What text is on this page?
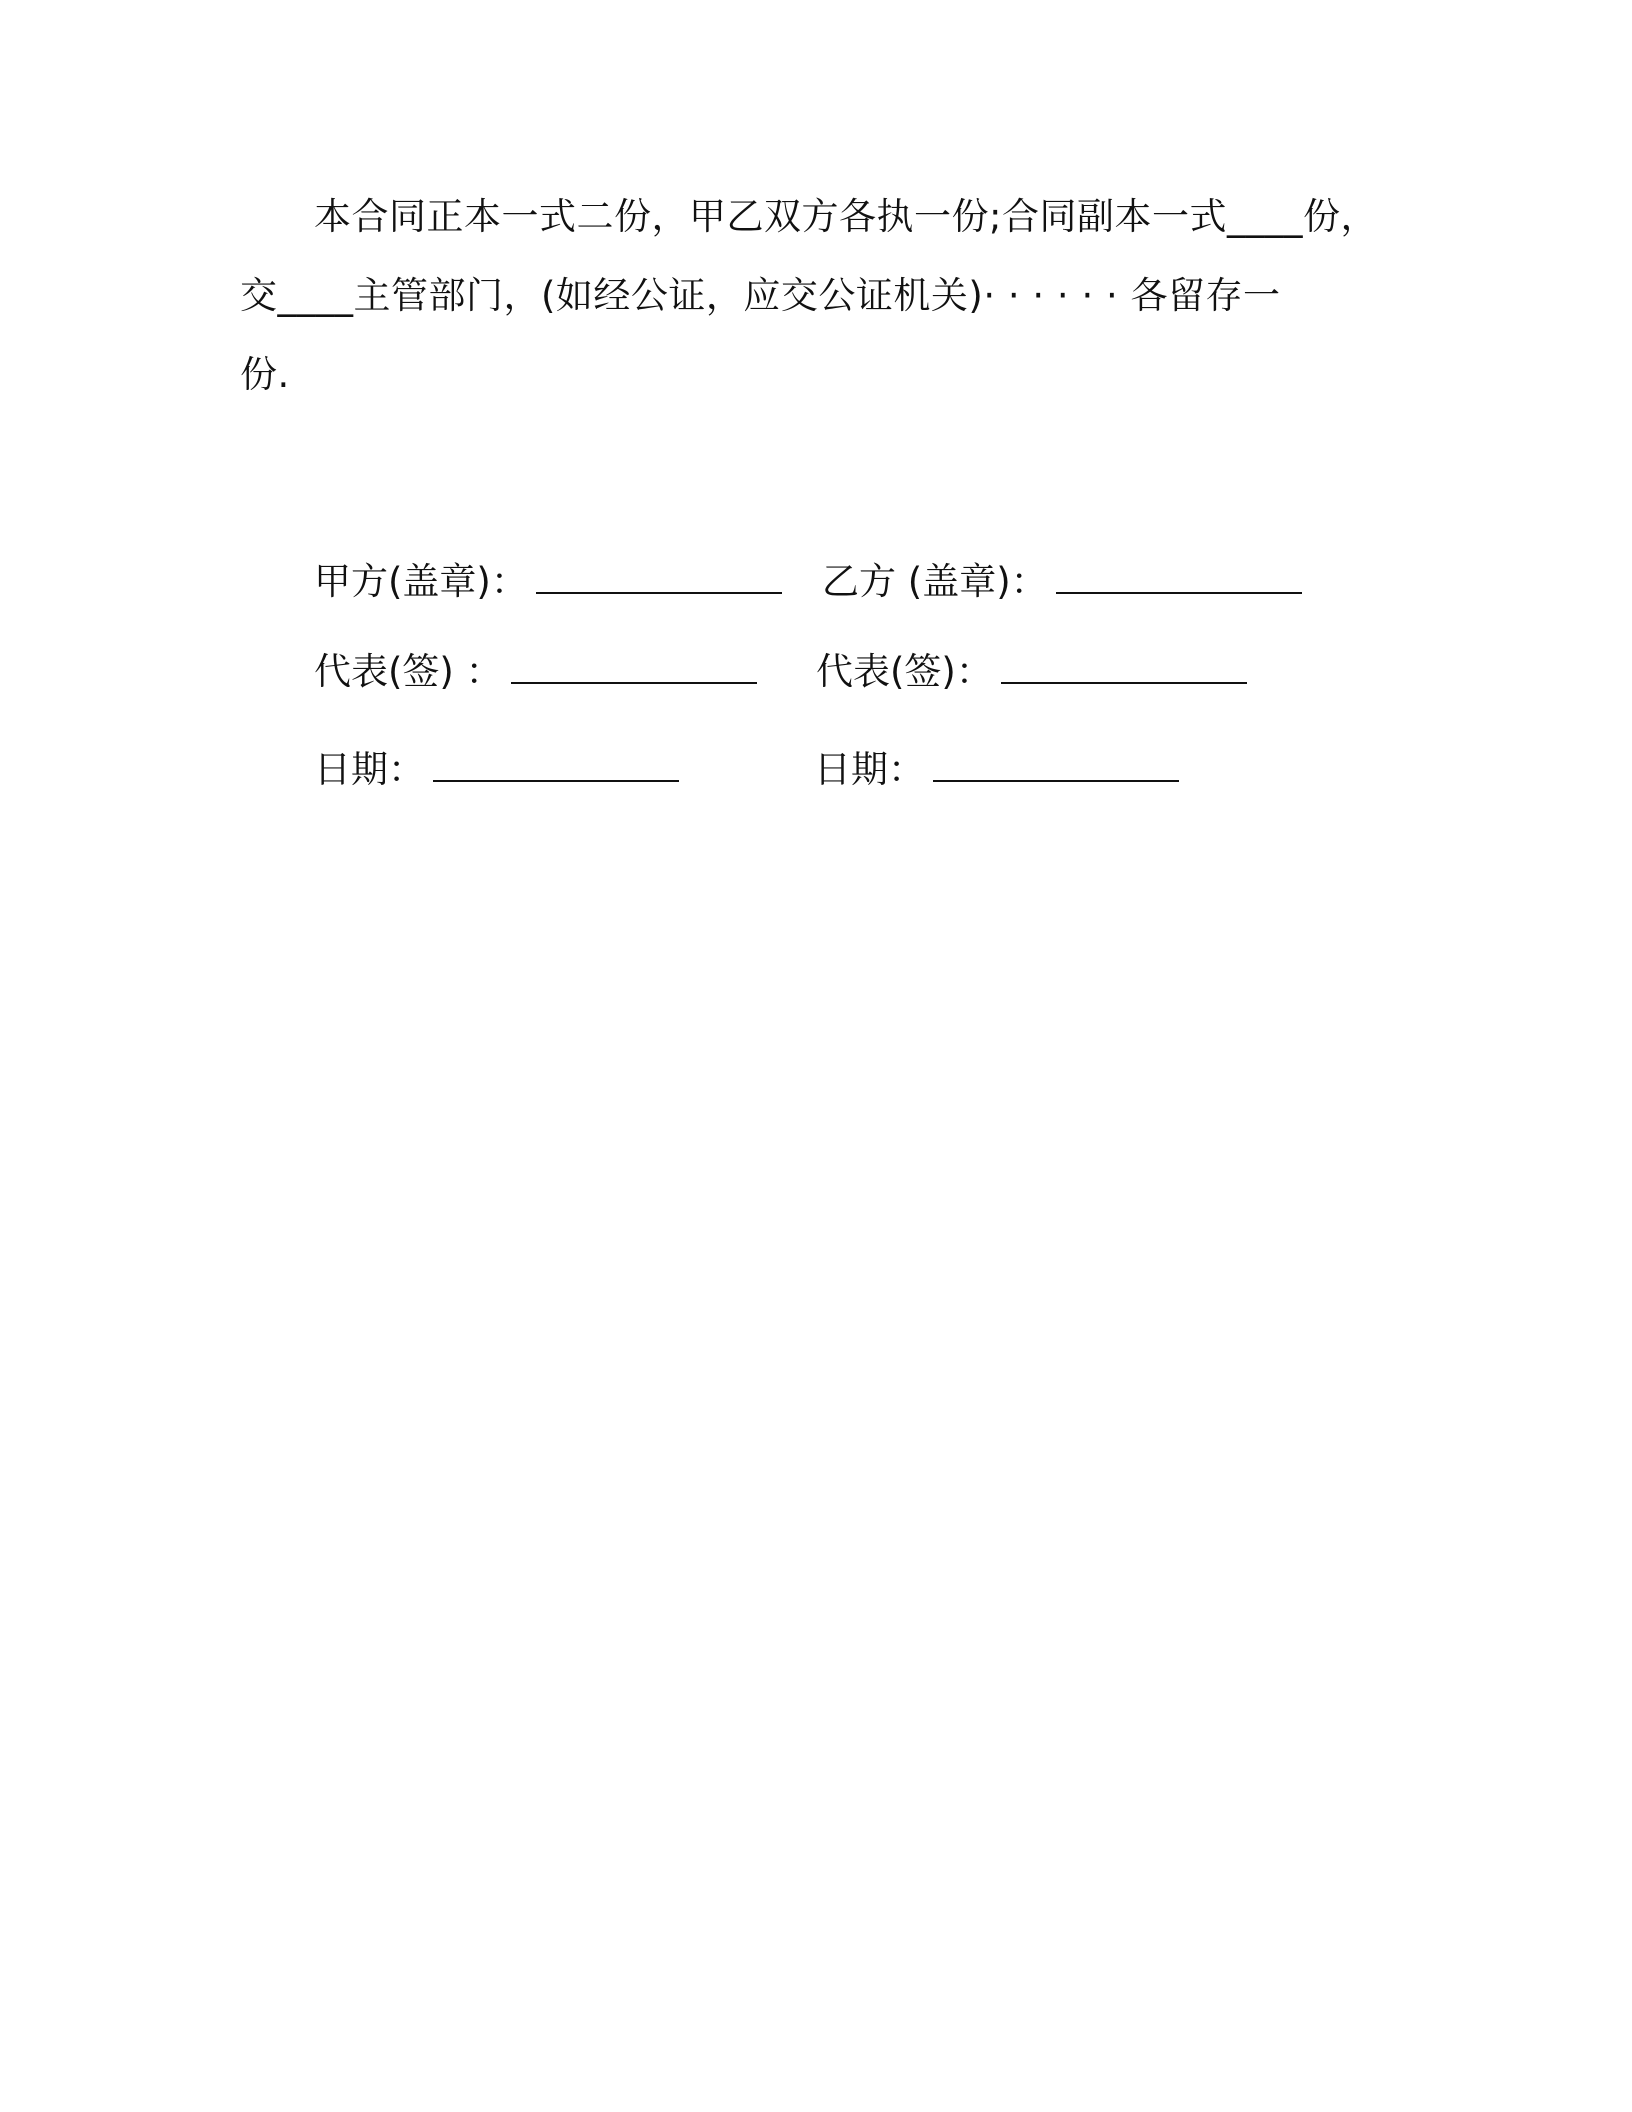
本合同正本一式二份，甲乙双方各执一份;合同副本一式____份，
交____主管部门，(如经公证，应交公证机关)· · · · · · 各留存一
份.
甲方(盖章)：	乙方 (盖章)：
代表(签) ：	代表(签)：
日期：	日期：
